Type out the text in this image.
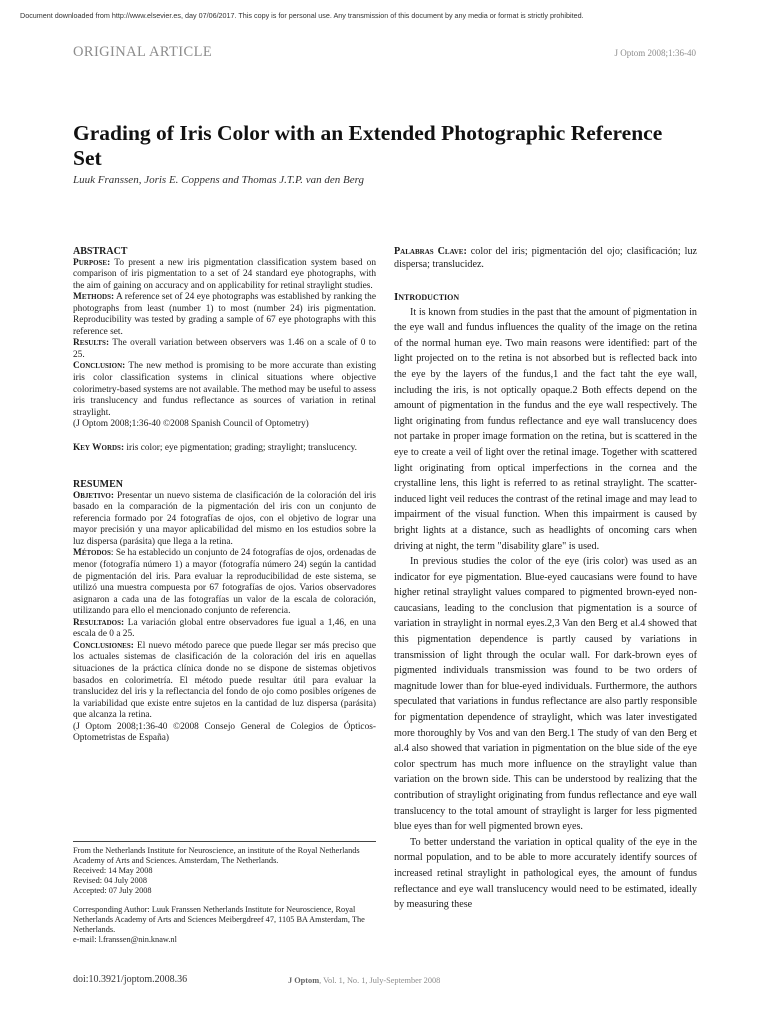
Document downloaded from http://www.elsevier.es, day 07/06/2017. This copy is for personal use. Any transmission of this document by any media or format is strictly prohibited.
ORIGINAL ARTICLE	J Optom 2008;1:36-40
Grading of Iris Color with an Extended Photographic Reference Set
Luuk Franssen, Joris E. Coppens and Thomas J.T.P. van den Berg

ABSTRACT

Purpose: To present a new iris pigmentation classification system based on comparison of iris pigmentation to a set of 24 standard eye photographs, with the aim of gaining on accuracy and on applicability for retinal straylight studies.

Methods: A reference set of 24 eye photographs was established by ranking the photographs from least (number 1) to most (number 24) iris pigmentation. Reproducibility was tested by grading a sample of 67 eye photographs with this reference set.

Results: The overall variation between observers was 1.46 on a scale of 0 to 25.

Conclusion: The new method is promising to be more accurate than existing iris color classification systems in clinical situations where objective colorimetry-based systems are not available. The method may be useful to assess iris translucency and fundus reflectance as sources of variation in retinal straylight.

(J Optom 2008;1:36-40 ©2008 Spanish Council of Optometry)

Key Words: iris color; eye pigmentation; grading; straylight; translucency.

RESUMEN

Objetivo: Presentar un nuevo sistema de clasificación de la coloración del iris basado en la comparación de la pigmentación del iris con un conjunto de referencia formado por 24 fotografías de ojos, con el objetivo de lograr una mayor precisión y una mayor aplicabilidad del mismo en los estudios sobre la luz dispersa (parásita) que llega a la retina.

Métodos: Se ha establecido un conjunto de 24 fotografías de ojos, ordenadas de menor (fotografía número 1) a mayor (fotografía número 24) según la cantidad de pigmentación del iris. Para evaluar la reproducibilidad de este sistema, se utilizó una muestra compuesta por 67 fotografías de ojos. Varios observadores asignaron a cada una de las fotografías un valor de la escala de coloración, utilizando para ello el mencionado conjunto de referencia.

Resultados: La variación global entre observadores fue igual a 1,46, en una escala de 0 a 25.

Conclusiones: El nuevo método parece que puede llegar ser más preciso que los actuales sistemas de clasificación de la coloración del iris en aquellas situaciones de la práctica clínica donde no se dispone de sistemas objetivos basados en colorimetría. El método puede resultar útil para evaluar la translucidez del iris y la reflectancia del fondo de ojo como posibles orígenes de la variabilidad que existe entre sujetos en la cantidad de luz dispersa (parásita) que alcanza la retina.

(J Optom 2008;1:36-40 ©2008 Consejo General de Colegios de Ópticos-Optometristas de España)

From the Netherlands Institute for Neuroscience, an institute of the Royal Netherlands Academy of Arts and Sciences. Amsterdam, The Netherlands.

Received: 14 May 2008

Revised: 04 July 2008

Accepted: 07 July 2008

Corresponding Author: Luuk Franssen Netherlands Institute for Neuroscience, Royal Netherlands Academy of Arts and Sciences Meibergdreef 47, 1105 BA Amsterdam, The Netherlands.

e-mail: l.franssen@nin.knaw.nl

Palabras Clave: color del iris; pigmentación del ojo; clasificación; luz dispersa; translucidez.

Introduction

It is known from studies in the past that the amount of pigmentation in the eye wall and fundus influences the quality of the image on the retina of the normal human eye. Two main reasons were identified: part of the light projected on to the retina is not absorbed but is reflected back into the eye by the layers of the fundus,1 and the fact taht the eye wall, including the iris, is not optically opaque.2 Both effects depend on the amount of pigmentation in the fundus and the eye wall respectively. The light originating from fundus reflectance and eye wall translucency does not partake in proper image formation on the retina, but is scattered in the eye to create a veil of light over the retinal image. Together with scattered light originating from optical imperfections in the cornea and the crystalline lens, this light is referred to as retinal straylight. The scatter-induced light veil reduces the contrast of the retinal image and may lead to impairment of the visual function. When this impairment is caused by bright lights at a distance, such as headlights of oncoming cars when driving at night, the term "disability glare" is used.

In previous studies the color of the eye (iris color) was used as an indicator for eye pigmentation. Blue-eyed caucasians were found to have higher retinal straylight values compared to pigmented brown-eyed non-caucasians, leading to the conclusion that pigmentation is a source of variation in straylight in normal eyes.2,3 Van den Berg et al.4 showed that this pigmentation dependence is partly caused by variations in transmission of light through the ocular wall. For dark-brown eyes of pigmented individuals transmission was found to be two orders of magnitude lower than for blue-eyed individuals. Furthermore, the authors speculated that variations in fundus reflectance are also partly responsible for pigmentation dependence of straylight, which was later investigated more thoroughly by Vos and van den Berg.1 The study of van den Berg et al.4 also showed that variation in pigmentation on the blue side of the eye color spectrum has much more influence on the straylight value than variation on the brown side. This can be understood by realizing that the contribution of straylight originating from fundus reflectance and eye wall translucency to the total amount of straylight is larger for less pigmented blue eyes than for well pigmented brown eyes.

To better understand the variation in optical quality of the eye in the normal population, and to be able to more accurately identify sources of increased retinal straylight in pathological eyes, the amount of fundus reflectance and eye wall translucency would need to be estimated, ideally by measuring these

doi:10.3921/joptom.2008.36	J Optom, Vol. 1, No. 1, July-September 2008
